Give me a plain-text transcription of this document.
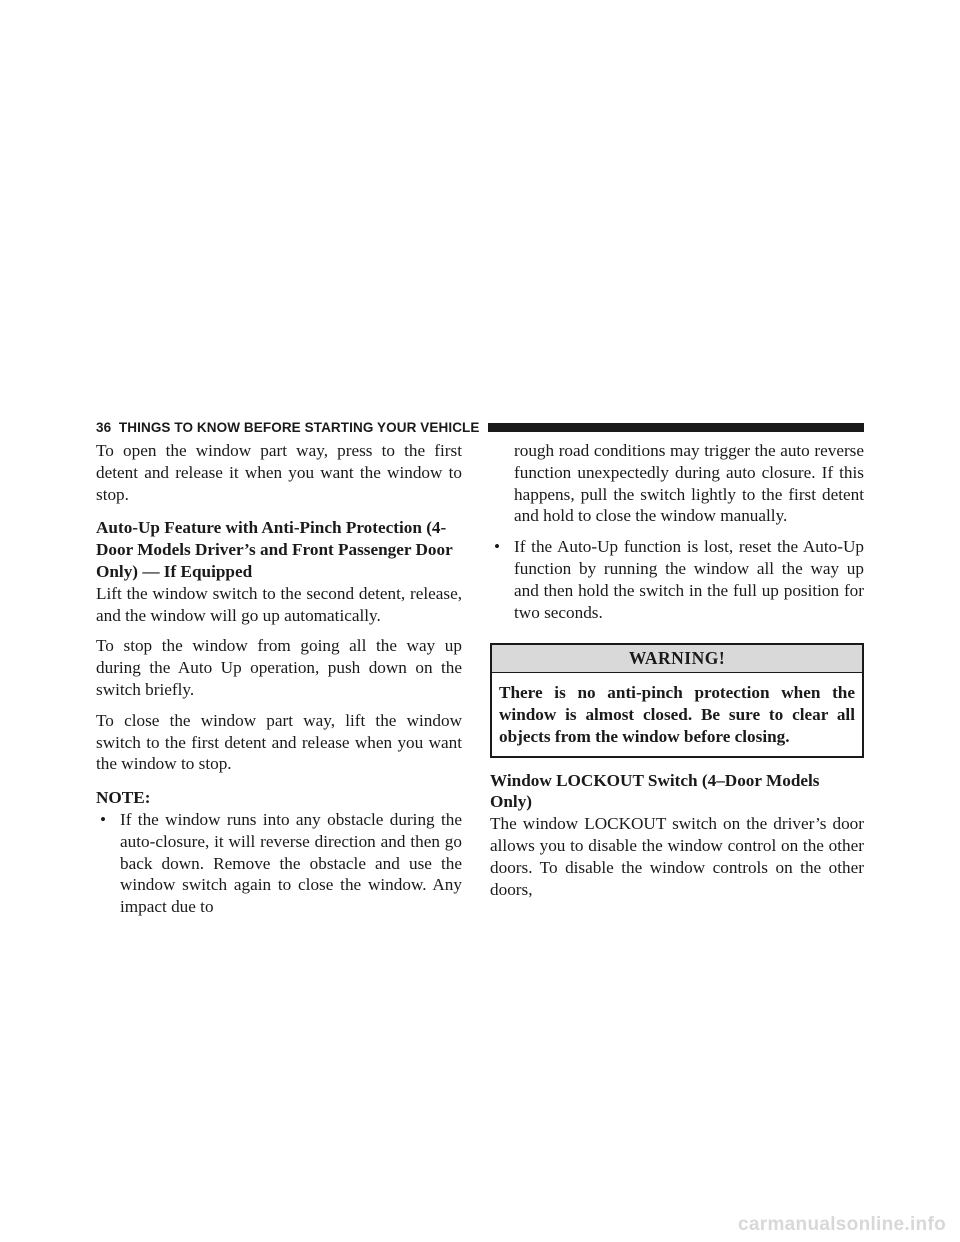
36 THINGS TO KNOW BEFORE STARTING YOUR VEHICLE

To open the window part way, press to the first detent and release it when you want the window to stop.

Auto-Up Feature with Anti-Pinch Protection (4-Door Models Driver’s and Front Passenger Door Only) — If Equipped

Lift the window switch to the second detent, release, and the window will go up automatically.

To stop the window from going all the way up during the Auto Up operation, push down on the switch briefly.

To close the window part way, lift the window switch to the first detent and release when you want the window to stop.

NOTE:

• If the window runs into any obstacle during the auto-closure, it will reverse direction and then go back down. Remove the obstacle and use the window switch again to close the window. Any impact due to

rough road conditions may trigger the auto reverse function unexpectedly during auto closure. If this happens, pull the switch lightly to the first detent and hold to close the window manually.

• If the Auto-Up function is lost, reset the Auto-Up function by running the window all the way up and then hold the switch in the full up position for two seconds.

WARNING!
There is no anti-pinch protection when the window is almost closed. Be sure to clear all objects from the window before closing.

Window LOCKOUT Switch (4–Door Models Only)

The window LOCKOUT switch on the driver’s door allows you to disable the window control on the other doors. To disable the window controls on the other doors,

carmanualsonline.info
